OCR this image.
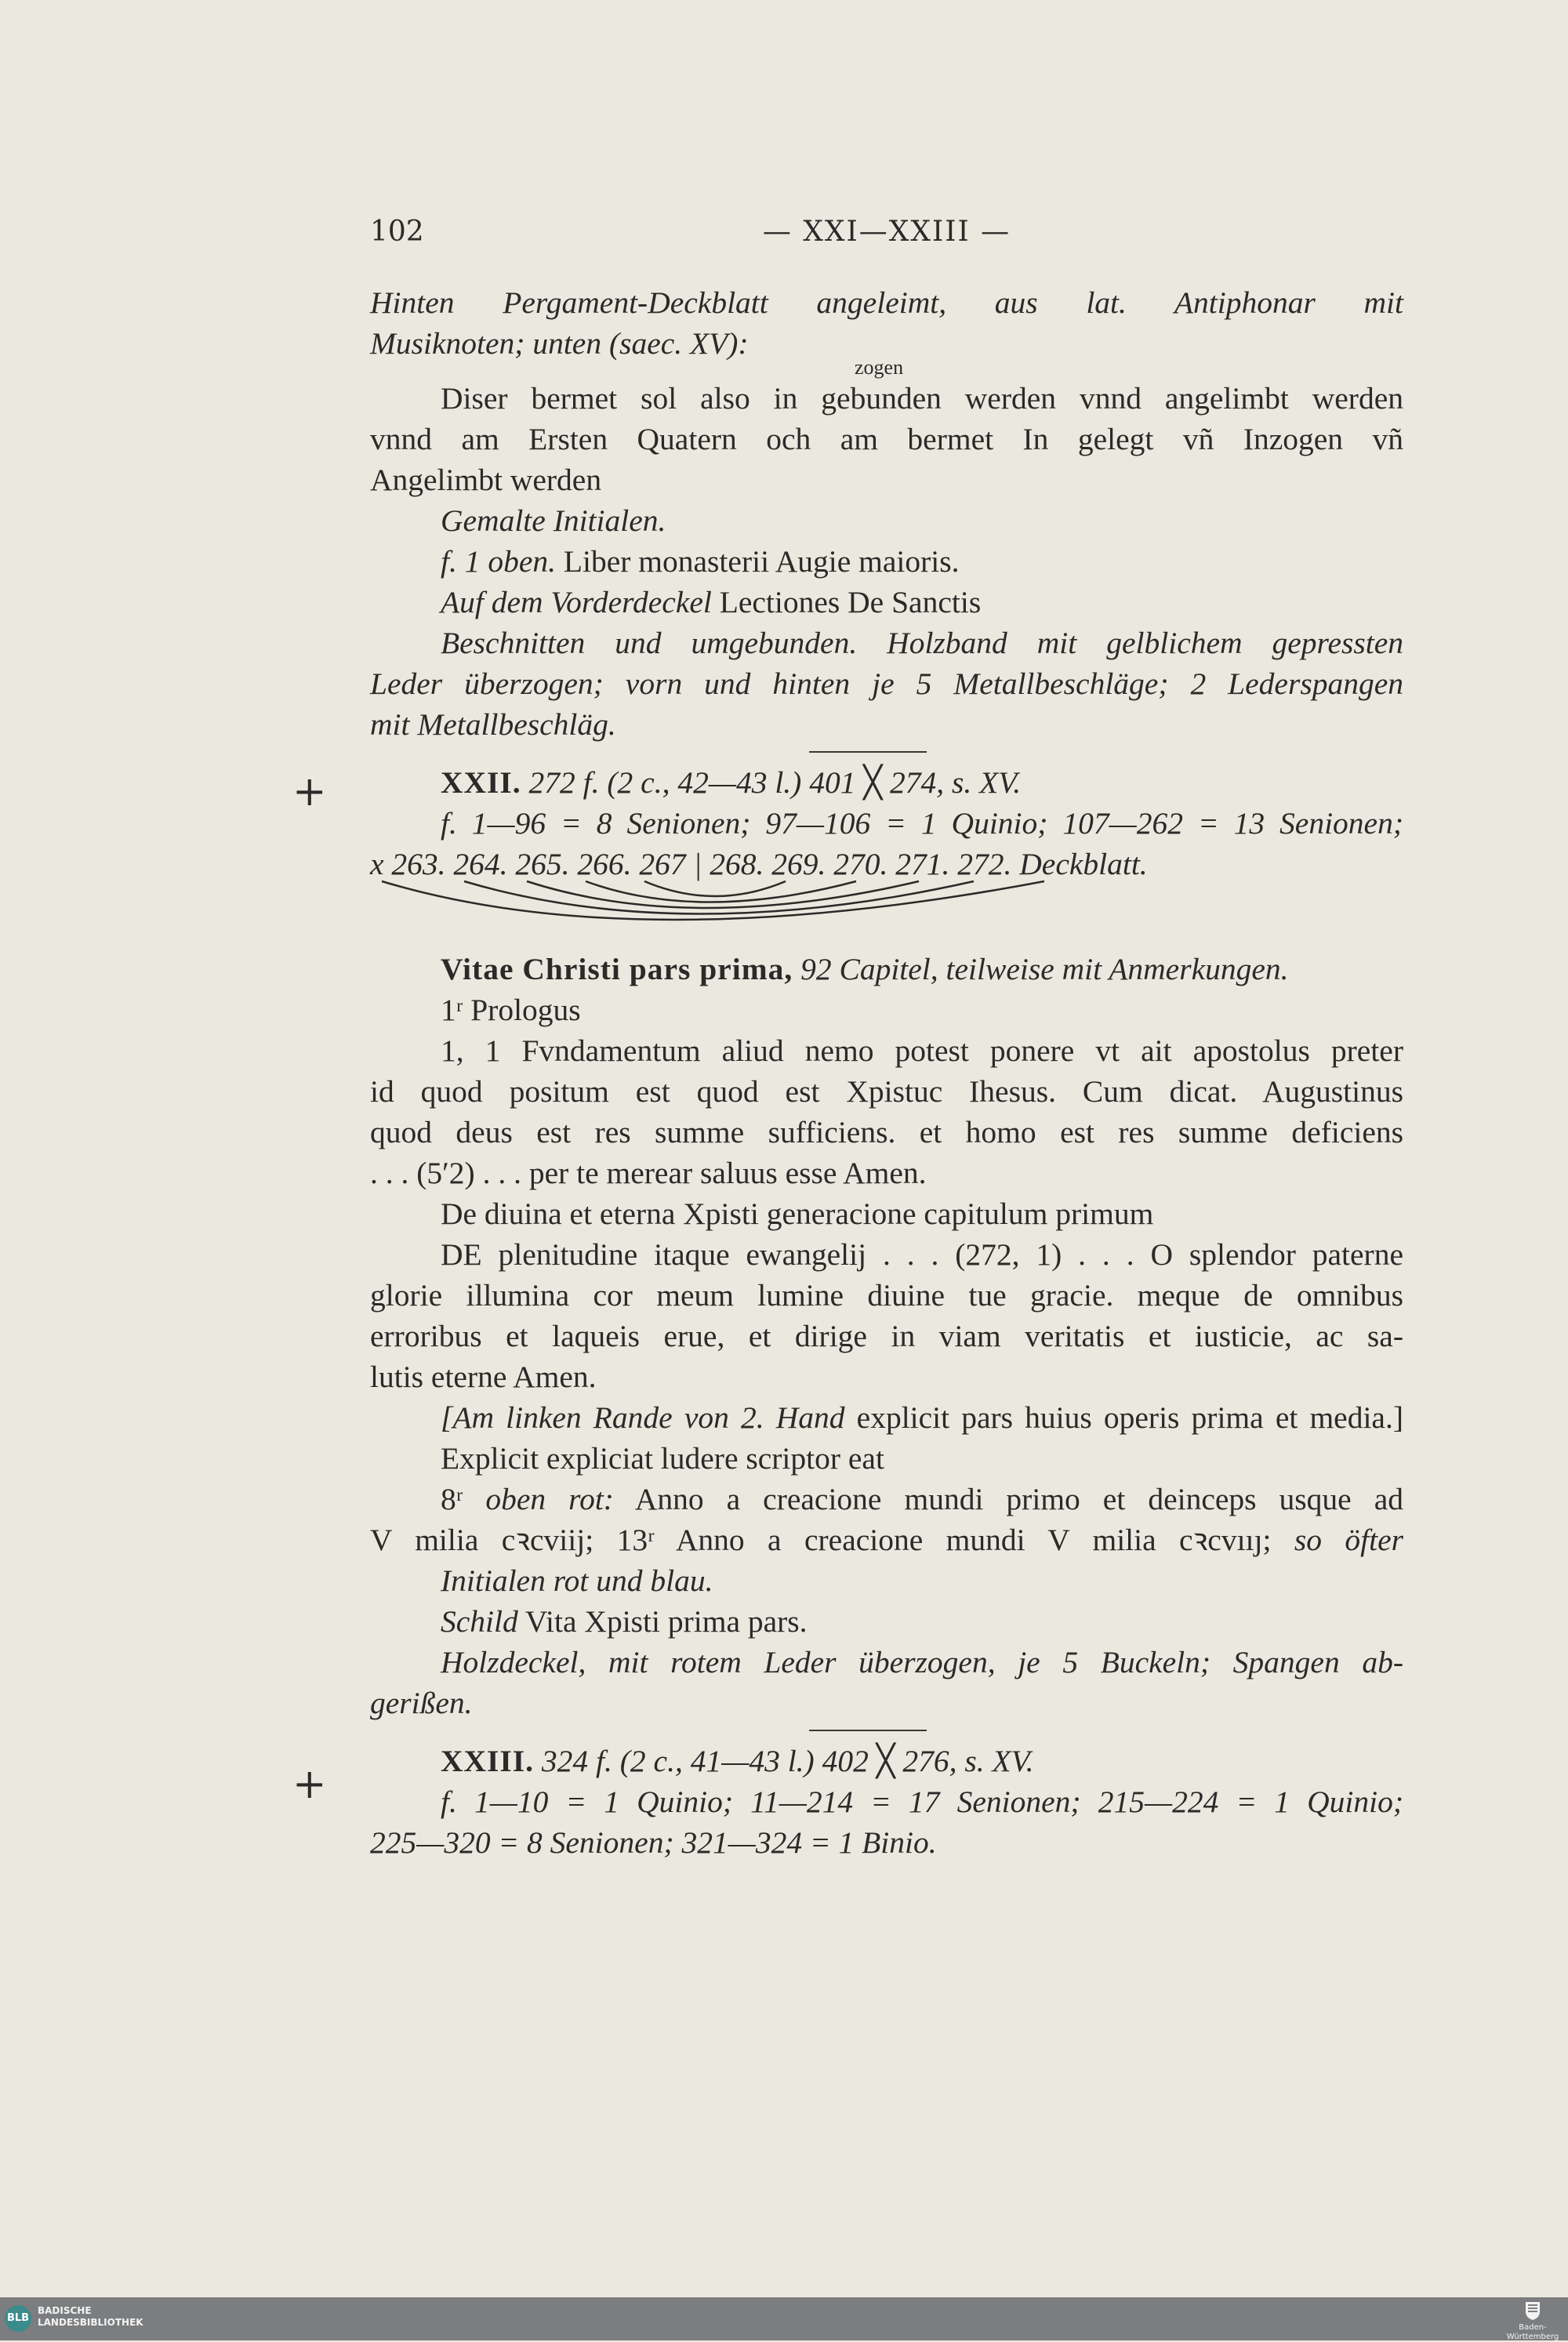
102	— XXI—XXIII —
Hinten Pergament-Deckblatt angeleimt, aus lat. Antiphonar mit
Musiknoten; unten (saec. XV):
zogen
Diser bermet sol also in gebunden werden vnnd angelimbt werden
vnnd am Ersten Quatern och am bermet In gelegt vñ Inzogen vñ
Angelimbt werden
Gemalte Initialen.
f. 1 oben. Liber monasterii Augie maioris.
Auf dem Vorderdeckel Lectiones De Sanctis
Beschnitten und umgebunden. Holzband mit gelblichem gepressten
Leder überzogen; vorn und hinten je 5 Metallbeschläge; 2 Lederspangen
mit Metallbeschläg.
XXII. 272 f. (2 c., 42—43 l.) 401 ╳ 274, s. XV.
f. 1—96 = 8 Senionen; 97—106 = 1 Quinio; 107—262 = 13 Senionen;
x 263. 264. 265. 266. 267 | 268. 269. 270. 271. 272. Deckblatt.
Vitae Christi pars prima, 92 Capitel, teilweise mit Anmerkungen.
1ʳ Prologus
1, 1 Fvndamentum aliud nemo potest ponere vt ait apostolus preter
id quod positum est quod est Xpistuc Ihesus. Cum dicat. Augustinus
quod deus est res summe sufficiens. et homo est res summe deficiens
. . . (5ʹ2) . . . per te merear saluus esse Amen.
De diuina et eterna Xpisti generacione capitulum primum
DE plenitudine itaque ewangelij . . . (272, 1) . . . O splendor paterne
glorie illumina cor meum lumine diuine tue gracie. meque de omnibus
erroribus et laqueis erue, et dirige in viam veritatis et iusticie, ac sa-
lutis eterne Amen.
[Am linken Rande von 2. Hand explicit pars huius operis prima et media.]
Explicit expliciat ludere scriptor eat
8ʳ oben rot: Anno a creacione mundi primo et deinceps usque ad
V milia cꝛcviij; 13ʳ Anno a creacione mundi V milia cꝛcvııȷ; so öfter
Initialen rot und blau.
Schild Vita Xpisti prima pars.
Holzdeckel, mit rotem Leder überzogen, je 5 Buckeln; Spangen ab-
gerißen.
XXIII. 324 f. (2 c., 41—43 l.) 402 ╳ 276, s. XV.
f. 1—10 = 1 Quinio; 11—214 = 17 Senionen; 215—224 = 1 Quinio;
225—320 = 8 Senionen; 321—324 = 1 Binio.
+
+
BLB
BADISCHE
LANDESBIBLIOTHEK	Baden-Württemberg
